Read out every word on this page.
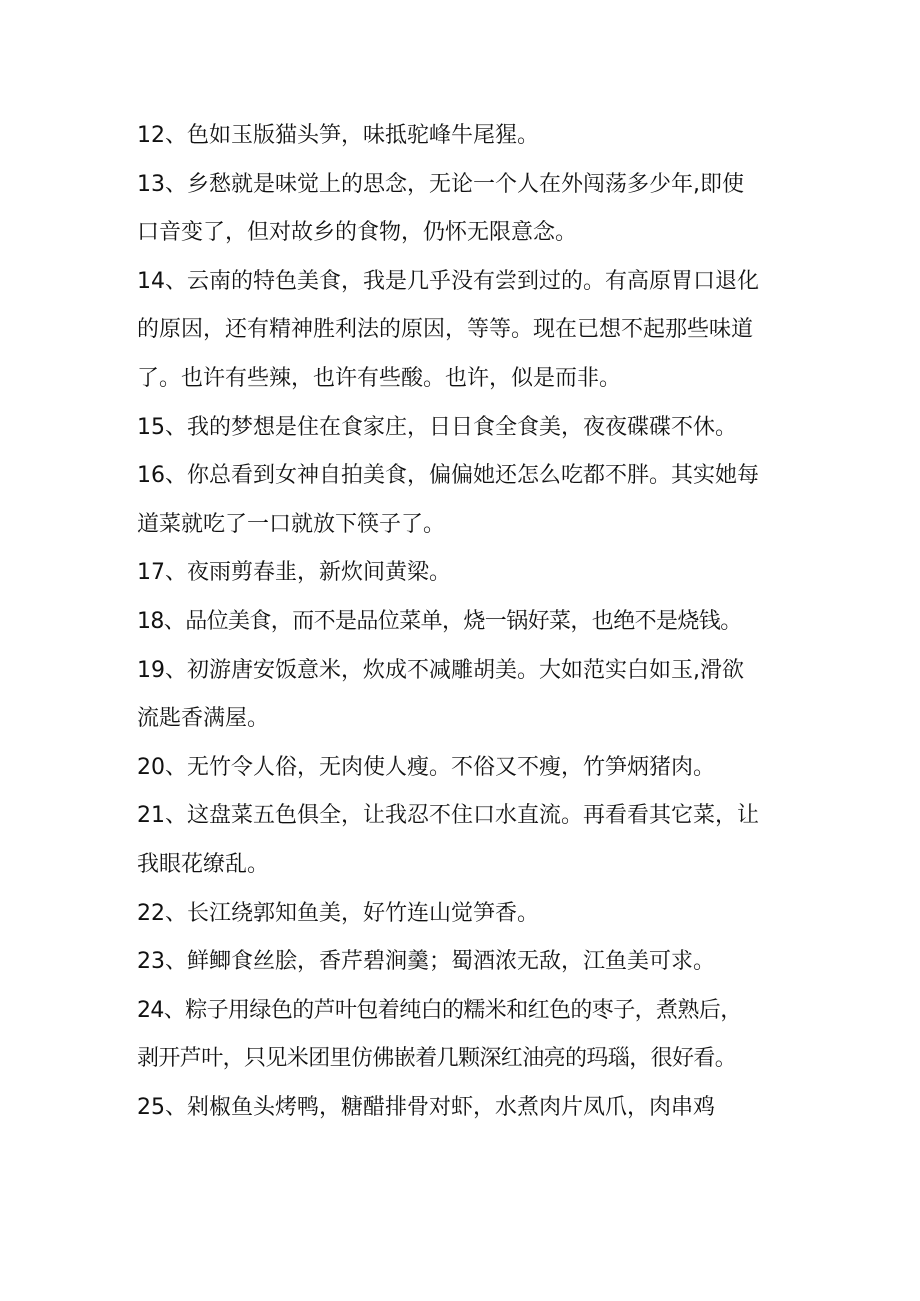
12、色如玉版猫头笋，味抵驼峰牛尾猩。
13、乡愁就是味觉上的思念，无论一个人在外闯荡多少年,即使
口音变了，但对故乡的食物，仍怀无限意念。
14、云南的特色美食，我是几乎没有尝到过的。有高原胃口退化
的原因，还有精神胜利法的原因，等等。现在已想不起那些味道
了。也许有些辣，也许有些酸。也许，似是而非。
15、我的梦想是住在食家庄，日日食全食美，夜夜碟碟不休。
16、你总看到女神自拍美食，偏偏她还怎么吃都不胖。其实她每
道菜就吃了一口就放下筷子了。
17、夜雨剪春韭，新炊间黄梁。
18、品位美食，而不是品位菜单，烧一锅好菜，也绝不是烧钱。
19、初游唐安饭意米，炊成不减雕胡美。大如范实白如玉,滑欲
流匙香满屋。
20、无竹令人俗，无肉使人瘦。不俗又不瘦，竹笋炳猪肉。
21、这盘菜五色俱全，让我忍不住口水直流。再看看其它菜，让
我眼花缭乱。
22、长江绕郭知鱼美，好竹连山觉笋香。
23、鲜鲫食丝脍，香芹碧涧羹；蜀酒浓无敌，江鱼美可求。
24、粽子用绿色的芦叶包着纯白的糯米和红色的枣子，煮熟后，
剥开芦叶，只见米团里仿佛嵌着几颗深红油亮的玛瑙，很好看。
25、剁椒鱼头烤鸭，糖醋排骨对虾，水煮肉片凤爪，肉串鸡
